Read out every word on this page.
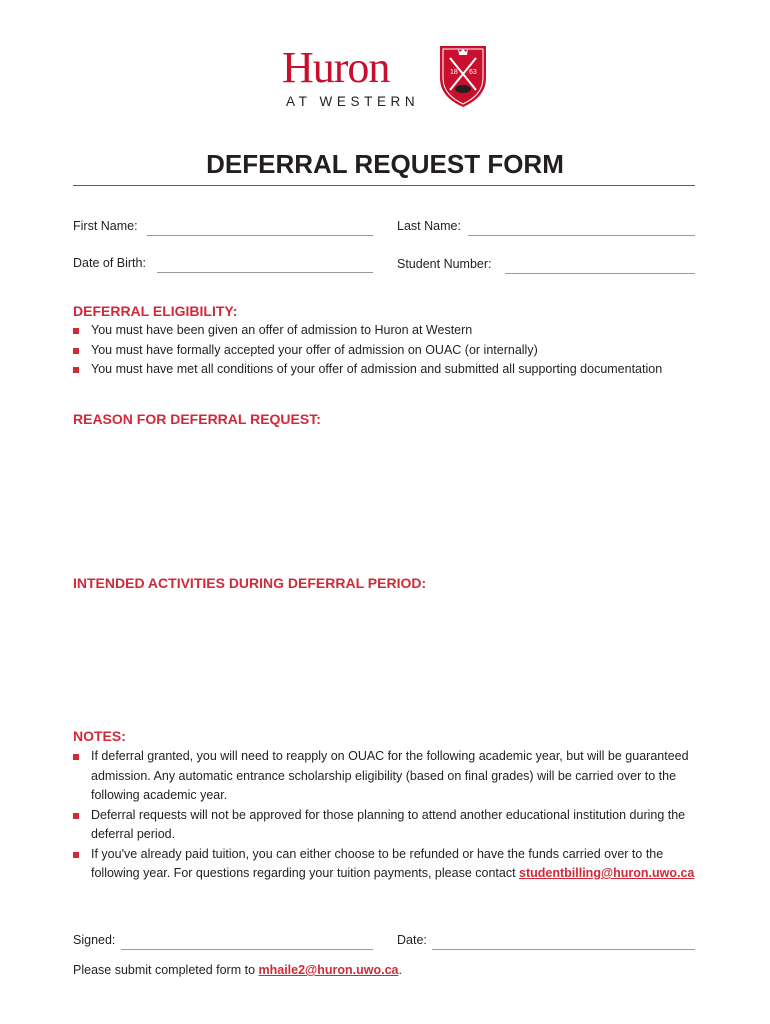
Huron
AT WESTERN
18 63
DEFERRAL REQUEST FORM
First Name:	Last Name:
Date of Birth:	Student Number:
DEFERRAL ELIGIBILITY:
You must have been given an offer of admission to Huron at Western
You must have formally accepted your offer of admission on OUAC (or internally)
You must have met all conditions of your offer of admission and submitted all supporting documentation
REASON FOR DEFERRAL REQUEST:
INTENDED ACTIVITIES DURING DEFERRAL PERIOD:
NOTES:
If deferral granted, you will need to reapply on OUAC for the following academic year, but will be guaranteed admission. Any automatic entrance scholarship eligibility (based on final grades) will be carried over to the following academic year.
Deferral requests will not be approved for those planning to attend another educational institution during the deferral period.
If you've already paid tuition, you can either choose to be refunded or have the funds carried over to the following year. For questions regarding your tuition payments, please contact studentbilling@huron.uwo.ca
Signed:	Date:
Please submit completed form to mhaile2@huron.uwo.ca.
